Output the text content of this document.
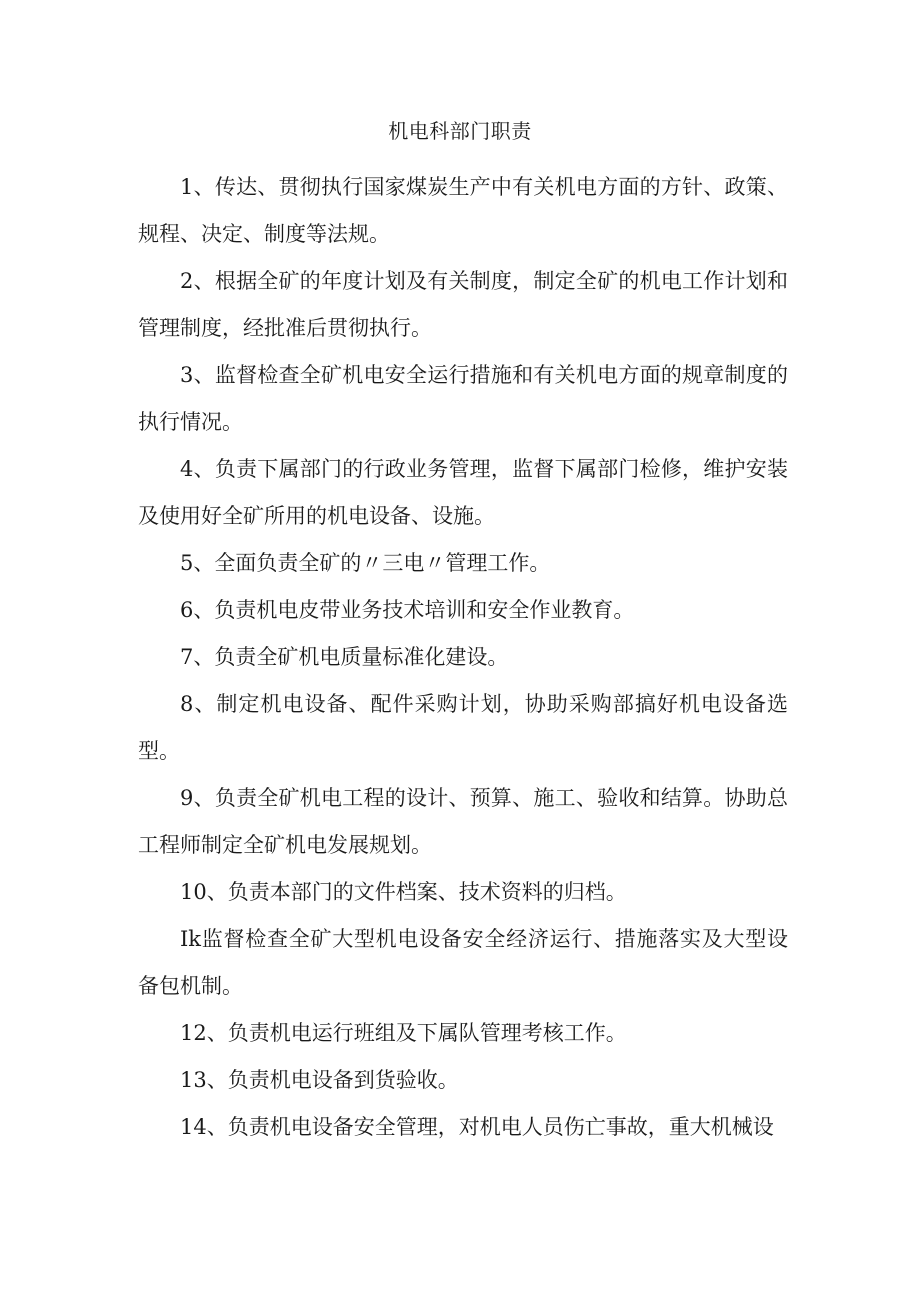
机电科部门职责

1、传达、贯彻执行国家煤炭生产中有关机电方面的方针、政策、规程、决定、制度等法规。

2、根据全矿的年度计划及有关制度，制定全矿的机电工作计划和管理制度，经批准后贯彻执行。

3、监督检查全矿机电安全运行措施和有关机电方面的规章制度的执行情况。

4、负责下属部门的行政业务管理，监督下属部门检修，维护安装及使用好全矿所用的机电设备、设施。

5、全面负责全矿的〃三电〃管理工作。

6、负责机电皮带业务技术培训和安全作业教育。

7、负责全矿机电质量标准化建设。

8、制定机电设备、配件采购计划，协助采购部搞好机电设备选型。

9、负责全矿机电工程的设计、预算、施工、验收和结算。协助总工程师制定全矿机电发展规划。

10、负责本部门的文件档案、技术资料的归档。

Ik监督检查全矿大型机电设备安全经济运行、措施落实及大型设备包机制。

12、负责机电运行班组及下属队管理考核工作。

13、负责机电设备到货验收。

14、负责机电设备安全管理，对机电人员伤亡事故，重大机械设
